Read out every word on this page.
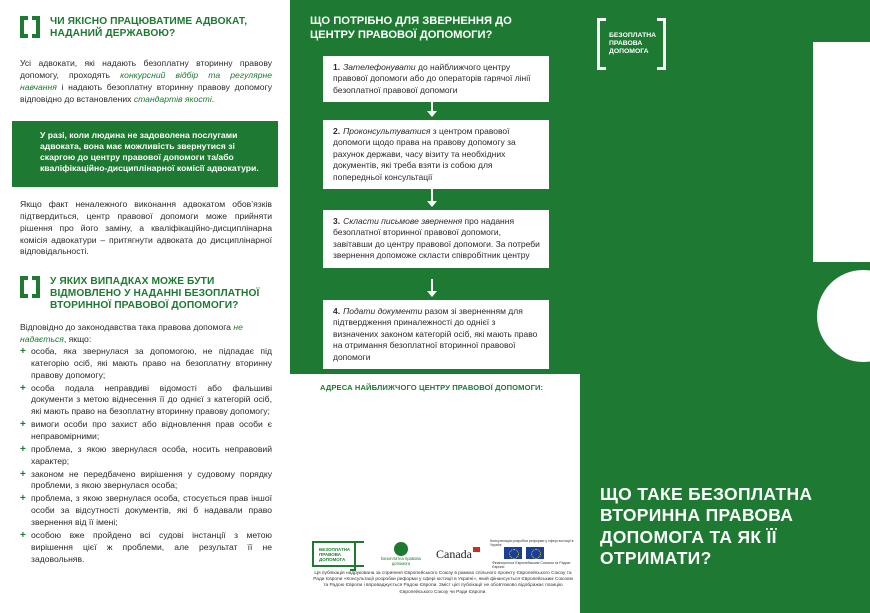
ЧИ ЯКІСНО ПРАЦЮВАТИМЕ АДВОКАТ, НАДАНИЙ ДЕРЖАВОЮ?

Усі адвокати, які надають безоплатну вторинну правову допомогу, проходять конкурсний відбір та регулярне навчання і надають безоплатну вторинну правову допомогу відповідно до встановлених стандартів якості.

У разі, коли людина не задоволена послугами адвоката, вона має можливість звернутися зі скаргою до центру правової допомоги та/або кваліфікаційно-дисциплінарної комісії адвокатури.

Якщо факт неналежного виконання адвокатом обов’язків підтвердиться, центр правової допомоги може прийняти рішення про його заміну, а кваліфікаційно-дисциплінарна комісія адвокатури – притягнути адвоката до дисциплінарної відповідальності.

У ЯКИХ ВИПАДКАХ МОЖЕ БУТИ ВІДМОВЛЕНО У НАДАННІ БЕЗОПЛАТНОЇ ВТОРИННОЇ ПРАВОВОЇ ДОПОМОГИ?

Відповідно до законодавства така правова допомога не надається, якщо:

+ особа, яка звернулася за допомогою, не підпадає під категорію осіб, які мають право на безоплатну вторинну правову допомогу;
+ особа подала неправдиві відомості або фальшиві документи з метою віднесення її до однієї з категорій осіб, які мають право на безоплатну вторинну правову допомогу;
+ вимоги особи про захист або відновлення прав особи є неправомірними;
+ проблема, з якою звернулася особа, носить неправовий характер;
+ законом не передбачено вирішення у судовому порядку проблеми, з якою звернулася особа;
+ проблема, з якою звернулася особа, стосується прав іншої особи за відсутності документів, які б надавали право звернення від її імені;
+ особою вже пройдено всі судові інстанції з метою вирішення цієї ж проблеми, але результат її не задовольняв.
ЩО ПОТРІБНО ДЛЯ ЗВЕРНЕННЯ ДО ЦЕНТРУ ПРАВОВОЇ ДОПОМОГИ?
1. Зателефонувати до найближчого центру правової допомоги або до операторів гарячої лінії безоплатної правової допомоги
2. Проконсультуватися з центром правової допомоги щодо права на правову допомогу за рахунок держави, часу візиту та необхідних документів, які треба взяти із собою для попередньої консультації
3. Скласти письмове звернення про надання безоплатної вторинної правової допомоги, завітавши до центру правової допомоги. За потреби звернення допоможе скласти співробітник центру
4. Подати документи разом зі зверненням для підтвердження приналежності до однієї з визначених законом категорій осіб, які мають право на отримання безоплатної вторинної правової допомоги
АДРЕСА НАЙБЛИЖЧОГО ЦЕНТРУ ПРАВОВОЇ ДОПОМОГИ:
БЕЗОПЛАТНА ПРАВОВА ДОПОМОГА	Безоплатна правова допомога
Canada
Консультація розробки реформи у сфері юстиції в Україні
Фінансується Європейським Союзом та Радою Європи

Ця публікація надрукована за сприяння Європейського Союзу в рамках спільного проекту Європейського Союзу та Ради Європи «Консультації розробки реформи у сфері юстиції в Україні», який фінансується Європейським Союзом та Радою Європи і впроваджується Радою Європи. Зміст цієї публікації не обов’язково відображає позицію Європейського Союзу чи Ради Європи.

БЕЗОПЛАТНА ПРАВОВА ДОПОМОГА
ЩО ТАКЕ БЕЗОПЛАТНА ВТОРИННА ПРАВОВА ДОПОМОГА ТА ЯК ЇЇ ОТРИМАТИ?
